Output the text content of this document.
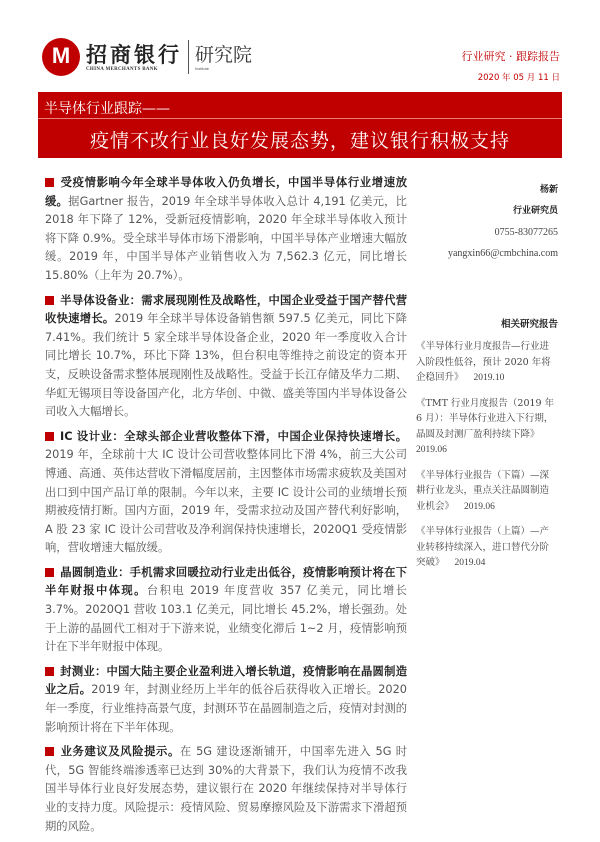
M
招商银行
CHINA MERCHANTS BANK
研究院
Institute
行业研究 · 跟踪报告
2020 年 05 月 11 日
半导体行业跟踪——
疫情不改行业良好发展态势，建议银行积极支持

受疫情影响今年全球半导体收入仍负增长，中国半导体行业增速放缓。据Gartner 报告，2019 年全球半导体收入总计 4,191 亿美元，比 2018 年下降了 12%，受新冠疫情影响，2020 年全球半导体收入预计将下降 0.9%。受全球半导体市场下滑影响，中国半导体产业增速大幅放缓。2019 年，中国半导体产业销售收入为 7,562.3 亿元，同比增长 15.80%（上年为 20.7%）。

半导体设备业：需求展现刚性及战略性，中国企业受益于国产替代营收快速增长。2019 年全球半导体设备销售额 597.5 亿美元，同比下降 7.41%。我们统计 5 家全球半导体设备企业，2020 年一季度收入合计同比增长 10.7%，环比下降 13%，但台积电等维持之前设定的资本开支，反映设备需求整体展现刚性及战略性。受益于长江存储及华力二期、华虹无锡项目等设备国产化，北方华创、中微、盛美等国内半导体设备公司收入大幅增长。

IC 设计业：全球头部企业营收整体下滑，中国企业保持快速增长。2019 年，全球前十大 IC 设计公司营收整体同比下滑 4%，前三大公司博通、高通、英伟达营收下滑幅度居前，主因整体市场需求疲软及美国对出口到中国产品订单的限制。今年以来，主要 IC 设计公司的业绩增长预期被疫情打断。国内方面，2019 年，受需求拉动及国产替代利好影响，A 股 23 家 IC 设计公司营收及净利润保持快速增长，2020Q1 受疫情影响，营收增速大幅放缓。

晶圆制造业：手机需求回暖拉动行业走出低谷，疫情影响预计将在下半年财报中体现。台积电 2019 年度营收 357 亿美元，同比增长 3.7%。2020Q1 营收 103.1 亿美元，同比增长 45.2%，增长强劲。处于上游的晶圆代工相对于下游来说，业绩变化滞后 1~2 月，疫情影响预计在下半年财报中体现。

封测业：中国大陆主要企业盈利进入增长轨道，疫情影响在晶圆制造业之后。2019 年，封测业经历上半年的低谷后获得收入正增长。2020 年一季度，行业维持高景气度，封测环节在晶圆制造之后，疫情对封测的影响预计将在下半年体现。

业务建议及风险提示。在 5G 建设逐渐铺开，中国率先进入 5G 时代，5G 智能终端渗透率已达到 30%的大背景下，我们认为疫情不改我国半导体行业良好发展态势，建议银行在 2020 年继续保持对半导体行业的支持力度。风险提示：疫情风险、贸易摩擦风险及下游需求下滑超预期的风险。

杨新
行业研究员
0755-83077265
yangxin66@cmbchina.com
相关研究报告
《半导体行业月度报告—行业进入阶段性低谷，预计 2020 年将企稳回升》 2019.10
《TMT 行业月度报告（2019 年 6 月）：半导体行业进入下行期，晶圆及封测厂盈利持续下降》
2019.06
《半导体行业报告（下篇）—深耕行业龙头，重点关注晶圆制造业机会》 2019.06
《半导体行业报告（上篇）—产业转移持续深入，进口替代分阶突破》 2019.04
